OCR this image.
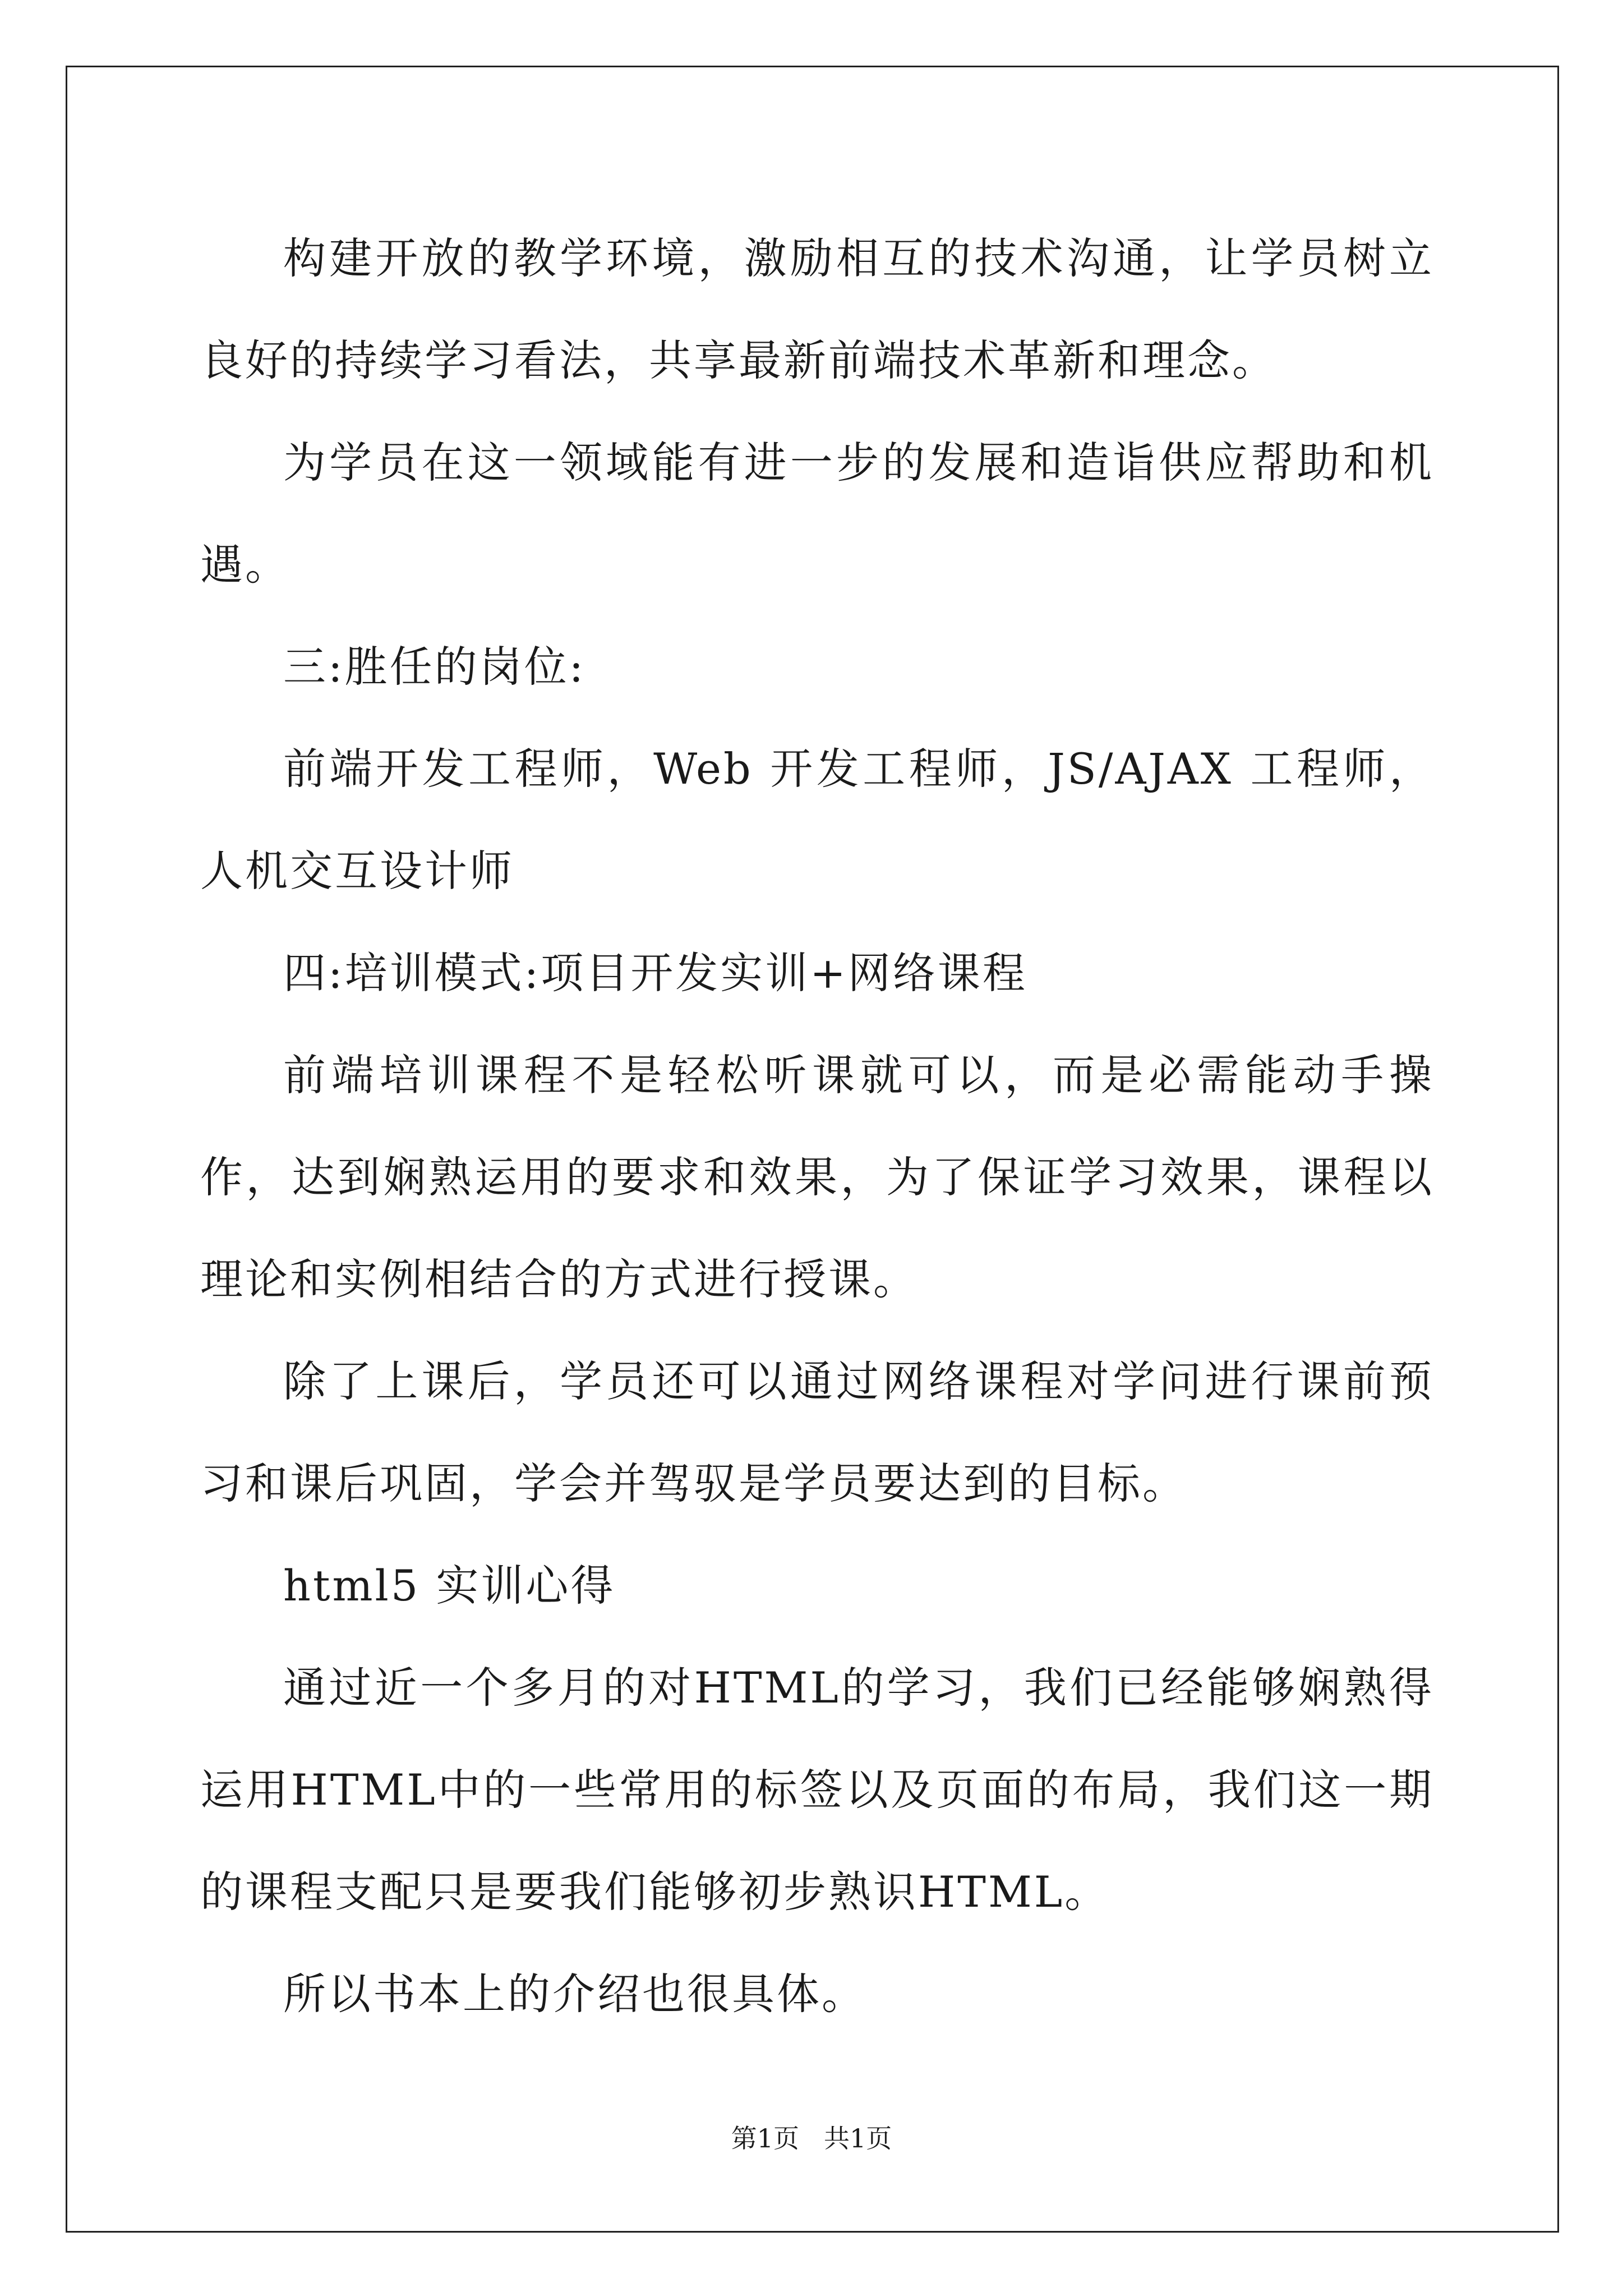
构建开放的教学环境，激励相互的技术沟通，让学员树立良好的持续学习看法，共享最新前端技术革新和理念。

为学员在这一领域能有进一步的发展和造诣供应帮助和机遇。

三:胜任的岗位:

前端开发工程师，Web 开发工程师，JS/AJAX 工程师，人机交互设计师

四:培训模式:项目开发实训+网络课程

前端培训课程不是轻松听课就可以，而是必需能动手操作，达到娴熟运用的要求和效果，为了保证学习效果，课程以理论和实例相结合的方式进行授课。

除了上课后，学员还可以通过网络课程对学问进行课前预习和课后巩固，学会并驾驭是学员要达到的目标。

html5 实训心得

通过近一个多月的对HTML的学习，我们已经能够娴熟得运用HTML中的一些常用的标签以及页面的布局，我们这一期的课程支配只是要我们能够初步熟识HTML。

所以书本上的介绍也很具体。

第1页 共1页
